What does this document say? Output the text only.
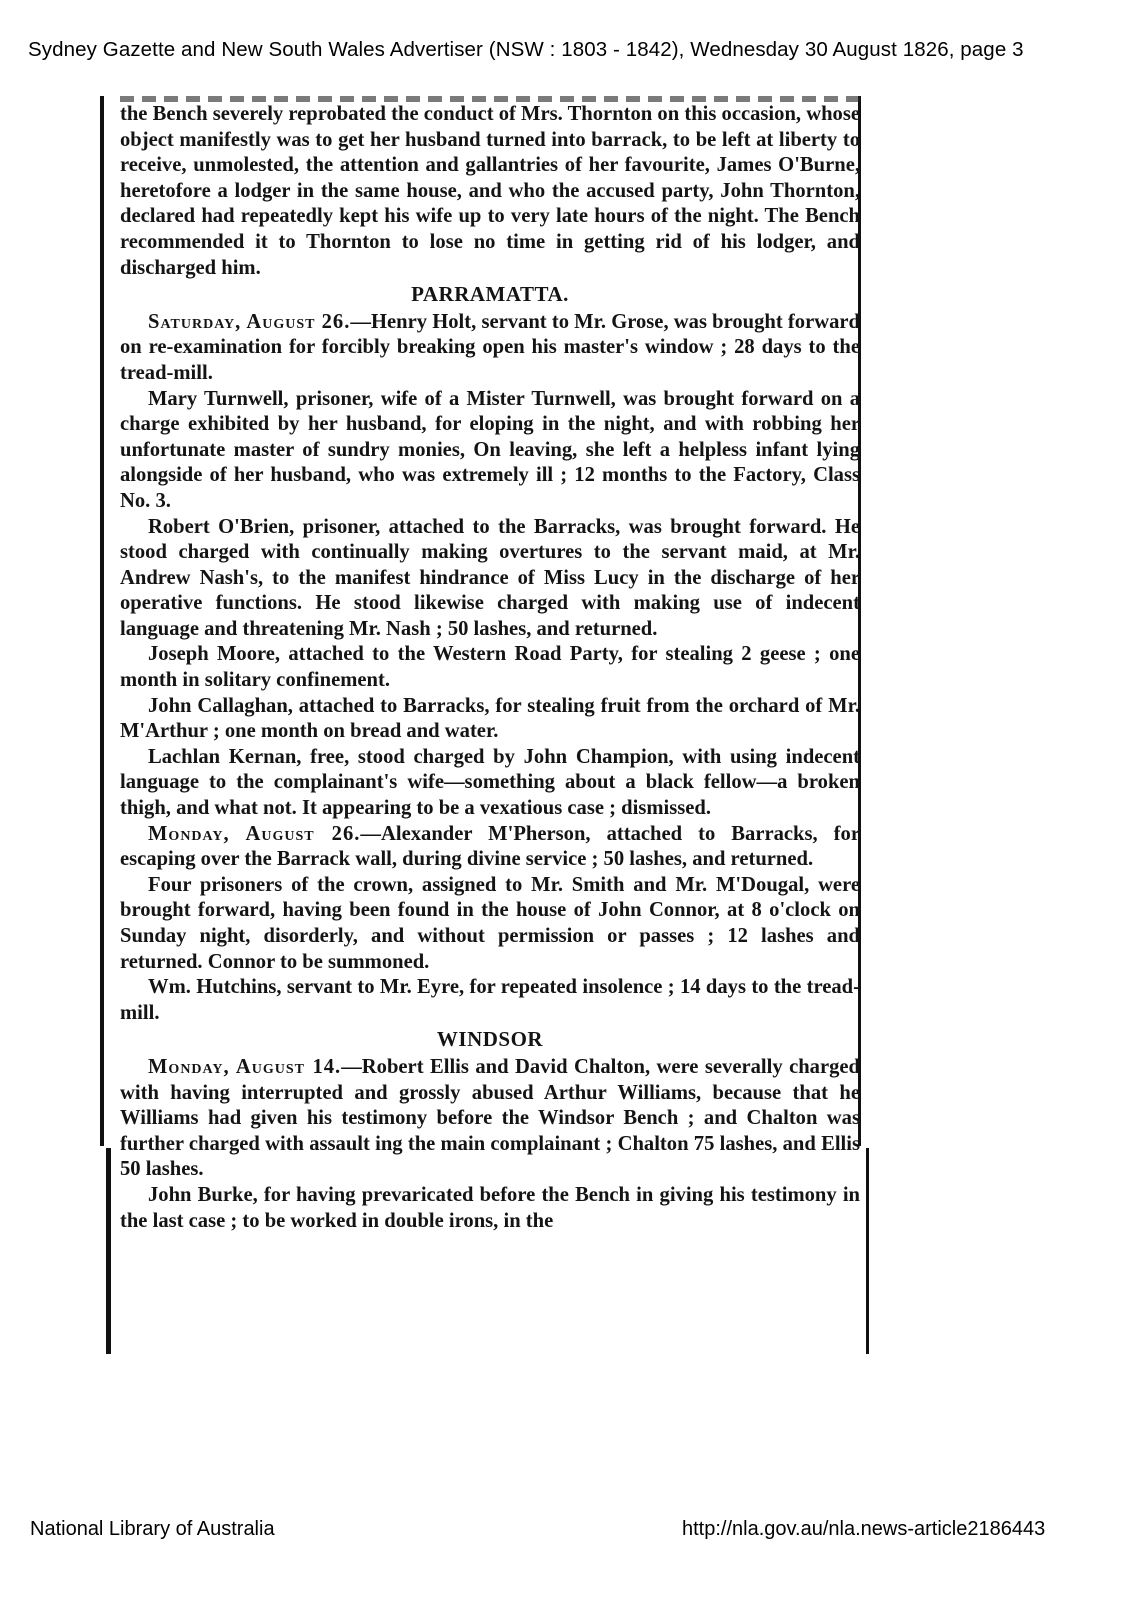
Sydney Gazette and New South Wales Advertiser (NSW : 1803 - 1842), Wednesday 30 August 1826, page 3

the Bench severely reprobated the conduct of Mrs. Thornton on this occasion, whose object manifestly was to get her husband turned into barrack, to be left at liberty to receive, unmolested, the attention and gallantries of her favourite, James O'Burne, heretofore a lodger in the same house, and who the accused party, John Thornton, declared had repeatedly kept his wife up to very late hours of the night. The Bench recommended it to Thornton to lose no time in getting rid of his lodger, and discharged him.

PARRAMATTA.

Saturday, August 26.—Henry Holt, servant to Mr. Grose, was brought forward on re-examination for forcibly breaking open his master's window ; 28 days to the tread-mill.

Mary Turnwell, prisoner, wife of a Mister Turnwell, was brought forward on a charge exhibited by her husband, for eloping in the night, and with robbing her unfortunate master of sundry monies, On leaving, she left a helpless infant lying alongside of her husband, who was extremely ill ; 12 months to the Factory, Class No. 3.

Robert O'Brien, prisoner, attached to the Barracks, was brought forward. He stood charged with continually making overtures to the servant maid, at Mr. Andrew Nash's, to the manifest hindrance of Miss Lucy in the discharge of her operative functions. He stood likewise charged with making use of indecent language and threatening Mr. Nash ; 50 lashes, and returned.

Joseph Moore, attached to the Western Road Party, for stealing 2 geese ; one month in solitary confinement.

John Callaghan, attached to Barracks, for stealing fruit from the orchard of Mr. M'Arthur ; one month on bread and water.

Lachlan Kernan, free, stood charged by John Champion, with using indecent language to the complainant's wife—something about a black fellow—a broken thigh, and what not. It appearing to be a vexatious case ; dismissed.

Monday, August 26.—Alexander M'Pherson, attached to Barracks, for escaping over the Barrack wall, during divine service ; 50 lashes, and returned.

Four prisoners of the crown, assigned to Mr. Smith and Mr. M'Dougal, were brought forward, having been found in the house of John Connor, at 8 o'clock on Sunday night, disorderly, and without permission or passes ; 12 lashes and returned. Connor to be summoned.

Wm. Hutchins, servant to Mr. Eyre, for repeated insolence ; 14 days to the tread-mill.

WINDSOR

Monday, August 14.—Robert Ellis and David Chalton, were severally charged with having interrupted and grossly abused Arthur Williams, because that he Williams had given his testimony before the Windsor Bench ; and Chalton was further charged with assault ing the main complainant ; Chalton 75 lashes, and Ellis 50 lashes.

John Burke, for having prevaricated before the Bench in giving his testimony in the last case ; to be worked in double irons, in the

National Library of Australia	http://nla.gov.au/nla.news-article2186443
